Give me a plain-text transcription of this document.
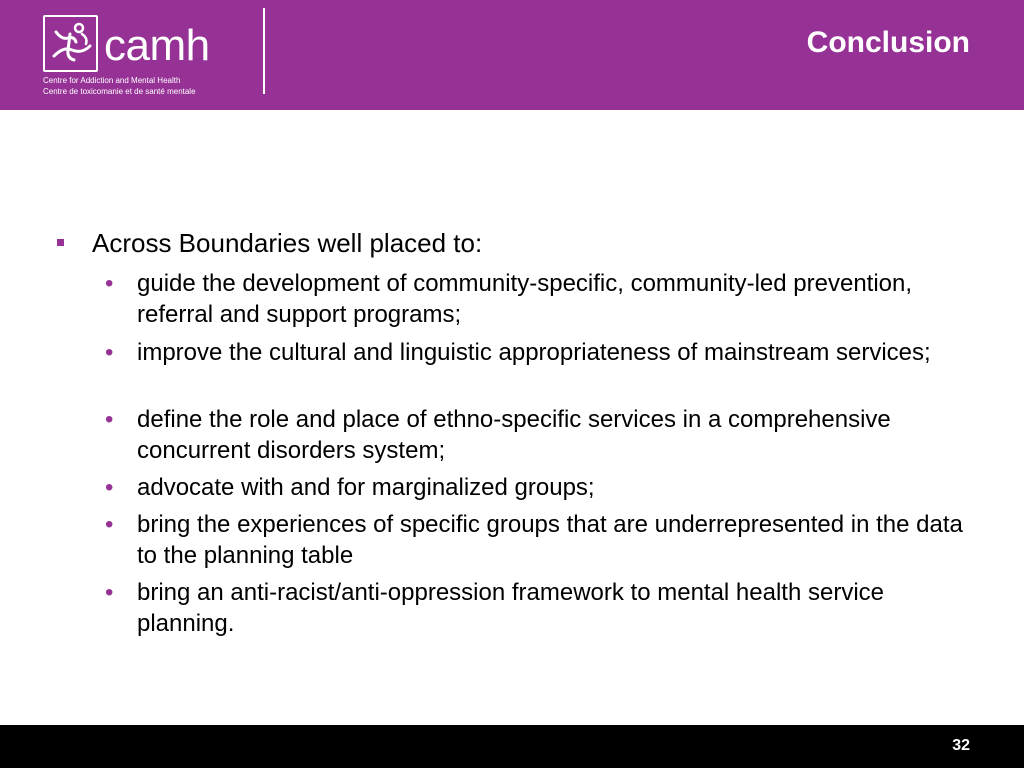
camh
Centre for Addiction and Mental Health
Centre de toxicomanie et de santé mentale
Conclusion
Across Boundaries well placed to:
• guide the development of community-specific, community-led prevention, referral and support programs;
• improve the cultural and linguistic appropriateness of mainstream services;
• define the role and place of ethno-specific services in a comprehensive concurrent disorders system;
• advocate with and for marginalized groups;
• bring the experiences of specific groups that are underrepresented in the data to the planning table
• bring an anti-racist/anti-oppression framework to mental health service planning.
32
